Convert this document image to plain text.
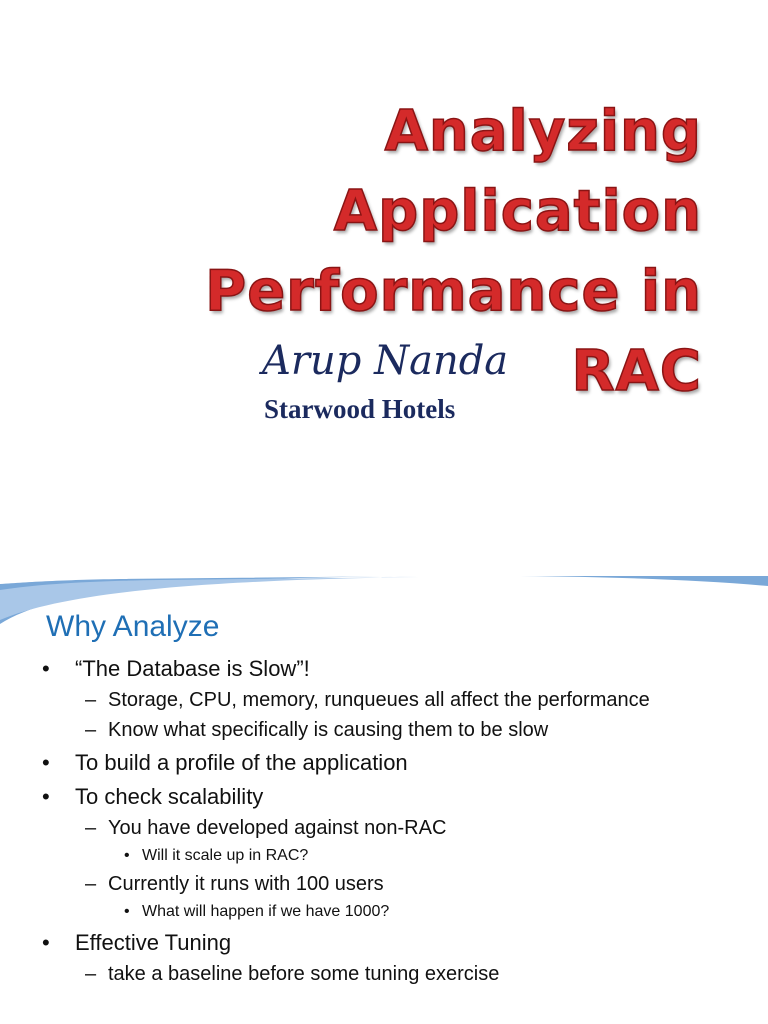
Analyzing
Application
Performance in
RAC
Arup Nanda
Starwood Hotels
Why Analyze
• “The Database is Slow”!
– Storage, CPU, memory, runqueues all affect the performance
– Know what specifically is causing them to be slow
• To build a profile of the application
• To check scalability
– You have developed against non-RAC
• Will it scale up in RAC?
– Currently it runs with 100 users
• What will happen if we have 1000?
• Effective Tuning
– take a baseline before some tuning exercise
